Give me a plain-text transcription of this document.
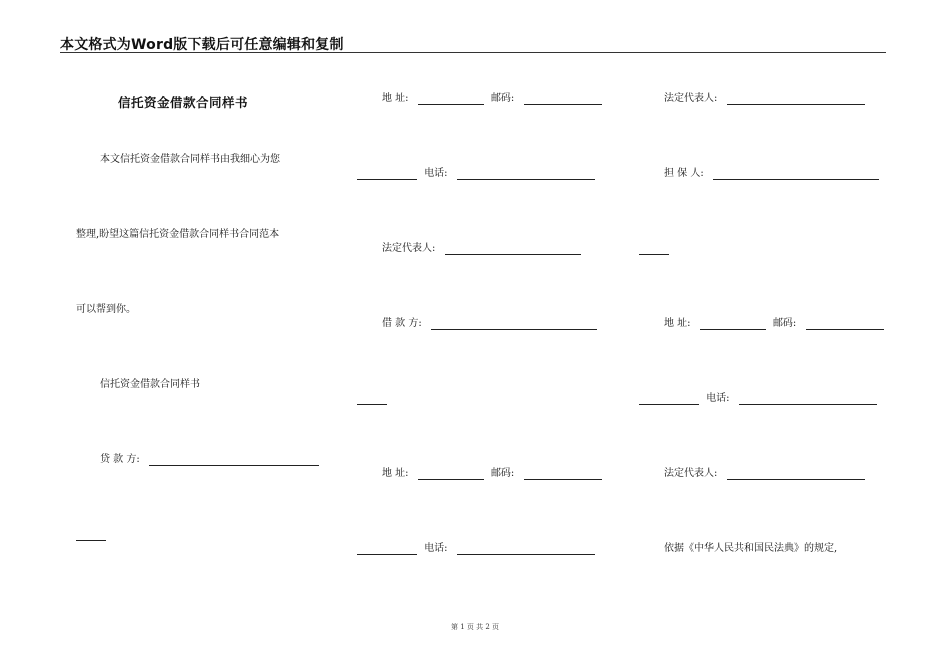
本文格式为Word版下载后可任意编辑和复制
信托资金借款合同样书
本文信托资金借款合同样书由我细心为您
整理,盼望这篇信托资金借款合同样书合同范本
可以帮到你。
信托资金借款合同样书
贷 款 方:
地 址:	邮码:
电话:
法定代表人:
借 款 方:
地 址:	邮码:
电话:
法定代表人:
担 保 人:
地 址:	邮码:
电话:
法定代表人:
依据《中华人民共和国民法典》的规定,
第 1 页 共 2 页
